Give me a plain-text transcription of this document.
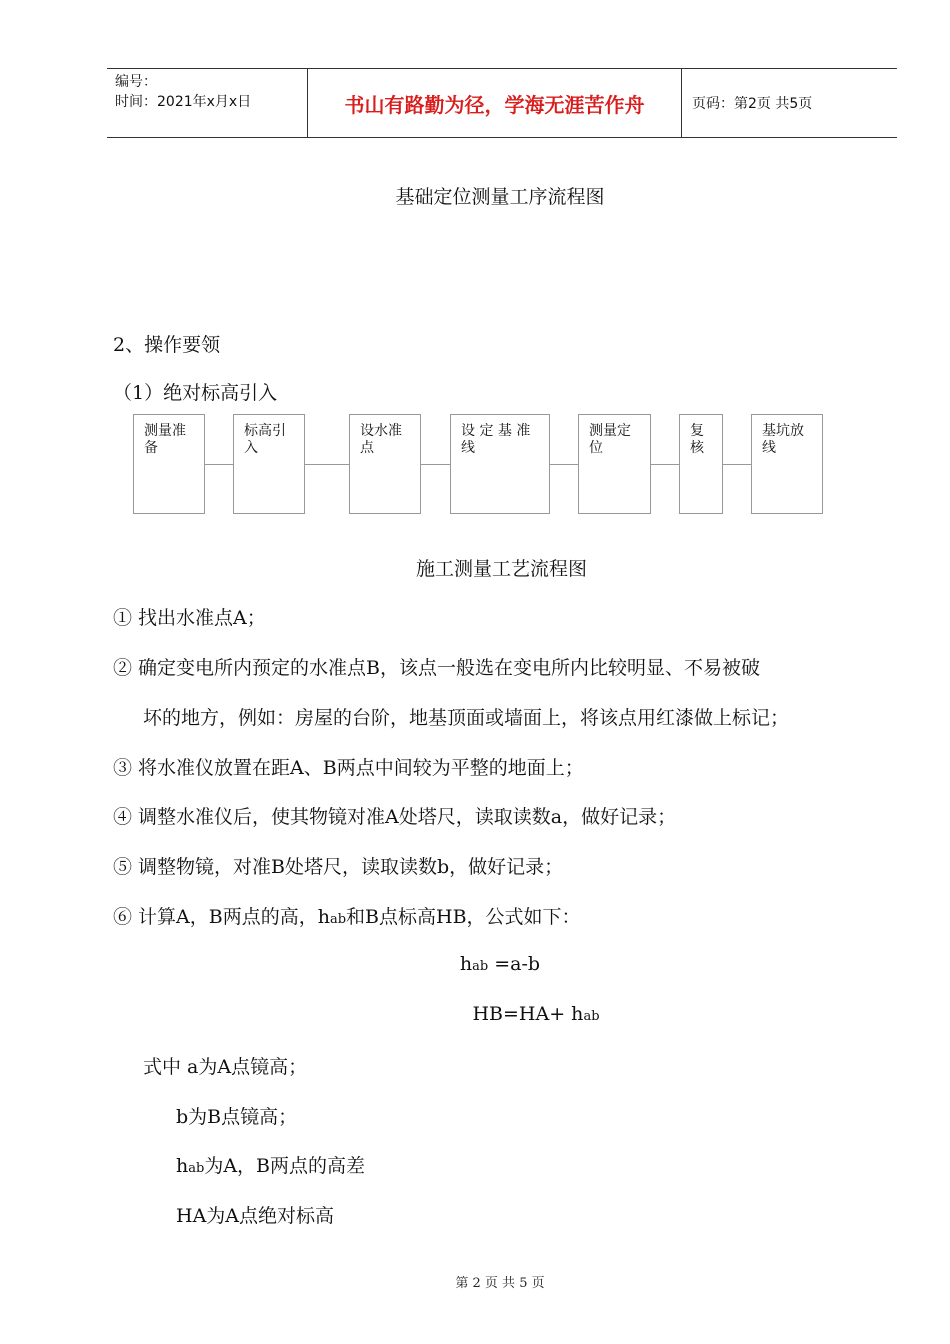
编号：
时间：2021年x月x日	书山有路勤为径，学海无涯苦作舟	页码：第2页 共5页
基础定位测量工序流程图
2、操作要领
（1）绝对标高引入
测量准备
标高引入
设水准点
设 定 基 准 线
测量定位
复核
基坑放线
施工测量工艺流程图
① 找出水准点A；
② 确定变电所内预定的水准点B，该点一般选在变电所内比较明显、不易被破
坏的地方，例如：房屋的台阶，地基顶面或墙面上，将该点用红漆做上标记；
③ 将水准仪放置在距A、B两点中间较为平整的地面上；
④ 调整水准仪后，使其物镜对准A处塔尺，读取读数a，做好记录；
⑤ 调整物镜，对准B处塔尺，读取读数b，做好记录；
⑥ 计算A，B两点的高，hab和B点标高HB，公式如下：
hab =a-b
HB=HA+ hab
式中 a为A点镜高；
b为B点镜高；
hab为A，B两点的高差
HA为A点绝对标高
第 2 页 共 5 页
